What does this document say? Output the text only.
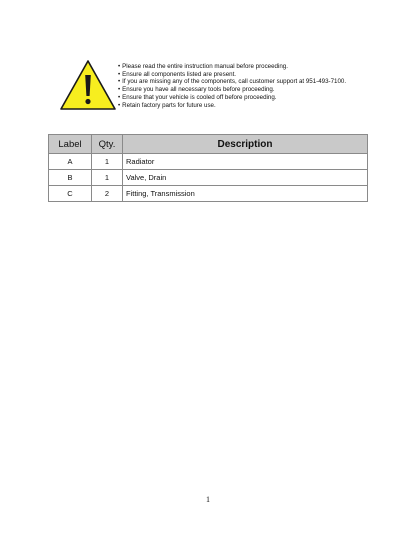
• Please read the entire instruction manual before proceeding.
• Ensure all components listed are present.
• If you are missing any of the components, call customer support at 951-493-7100.
• Ensure you have all necessary tools before proceeding.
• Ensure that your vehicle is cooled off before proceeding.
• Retain factory parts for future use.
Label	Qty.	Description
A	1	Radiator
B	1	Valve, Drain
C	2	Fitting, Transmission
1
